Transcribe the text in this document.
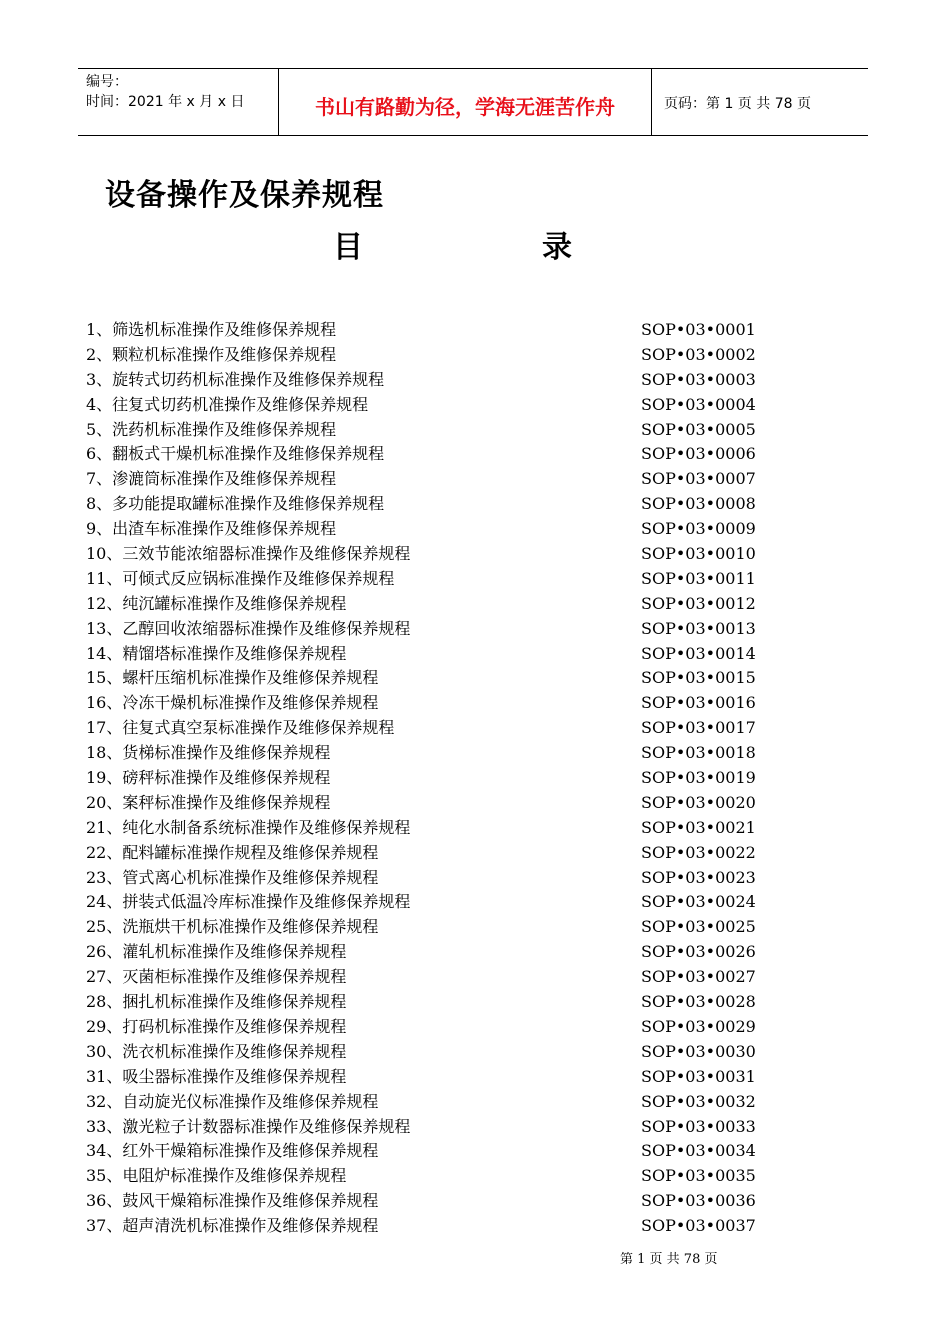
编号：
时间：2021 年 x 月 x 日	书山有路勤为径，学海无涯苦作舟	页码：第 1 页 共 78 页
设备操作及保养规程
目	录
1、筛选机标准操作及维修保养规程	SOP•03•0001
2、颗粒机标准操作及维修保养规程	SOP•03•0002
3、旋转式切药机标准操作及维修保养规程	SOP•03•0003
4、往复式切药机准操作及维修保养规程	SOP•03•0004
5、洗药机标准操作及维修保养规程	SOP•03•0005
6、翻板式干燥机标准操作及维修保养规程	SOP•03•0006
7、渗漉筒标准操作及维修保养规程	SOP•03•0007
8、多功能提取罐标准操作及维修保养规程	SOP•03•0008
9、出渣车标准操作及维修保养规程	SOP•03•0009
10、三效节能浓缩器标准操作及维修保养规程	SOP•03•0010
11、可倾式反应锅标准操作及维修保养规程	SOP•03•0011
12、纯沉罐标准操作及维修保养规程	SOP•03•0012
13、乙醇回收浓缩器标准操作及维修保养规程	SOP•03•0013
14、精馏塔标准操作及维修保养规程	SOP•03•0014
15、螺杆压缩机标准操作及维修保养规程	SOP•03•0015
16、冷冻干燥机标准操作及维修保养规程	SOP•03•0016
17、往复式真空泵标准操作及维修保养规程	SOP•03•0017
18、货梯标准操作及维修保养规程	SOP•03•0018
19、磅秤标准操作及维修保养规程	SOP•03•0019
20、案秤标准操作及维修保养规程	SOP•03•0020
21、纯化水制备系统标准操作及维修保养规程	SOP•03•0021
22、配料罐标准操作规程及维修保养规程	SOP•03•0022
23、管式离心机标准操作及维修保养规程	SOP•03•0023
24、拼装式低温冷库标准操作及维修保养规程	SOP•03•0024
25、洗瓶烘干机标准操作及维修保养规程	SOP•03•0025
26、灌轧机标准操作及维修保养规程	SOP•03•0026
27、灭菌柜标准操作及维修保养规程	SOP•03•0027
28、捆扎机标准操作及维修保养规程	SOP•03•0028
29、打码机标准操作及维修保养规程	SOP•03•0029
30、洗衣机标准操作及维修保养规程	SOP•03•0030
31、吸尘器标准操作及维修保养规程	SOP•03•0031
32、自动旋光仪标准操作及维修保养规程	SOP•03•0032
33、激光粒子计数器标准操作及维修保养规程	SOP•03•0033
34、红外干燥箱标准操作及维修保养规程	SOP•03•0034
35、电阻炉标准操作及维修保养规程	SOP•03•0035
36、鼓风干燥箱标准操作及维修保养规程	SOP•03•0036
37、超声清洗机标准操作及维修保养规程	SOP•03•0037
第 1 页 共 78 页
